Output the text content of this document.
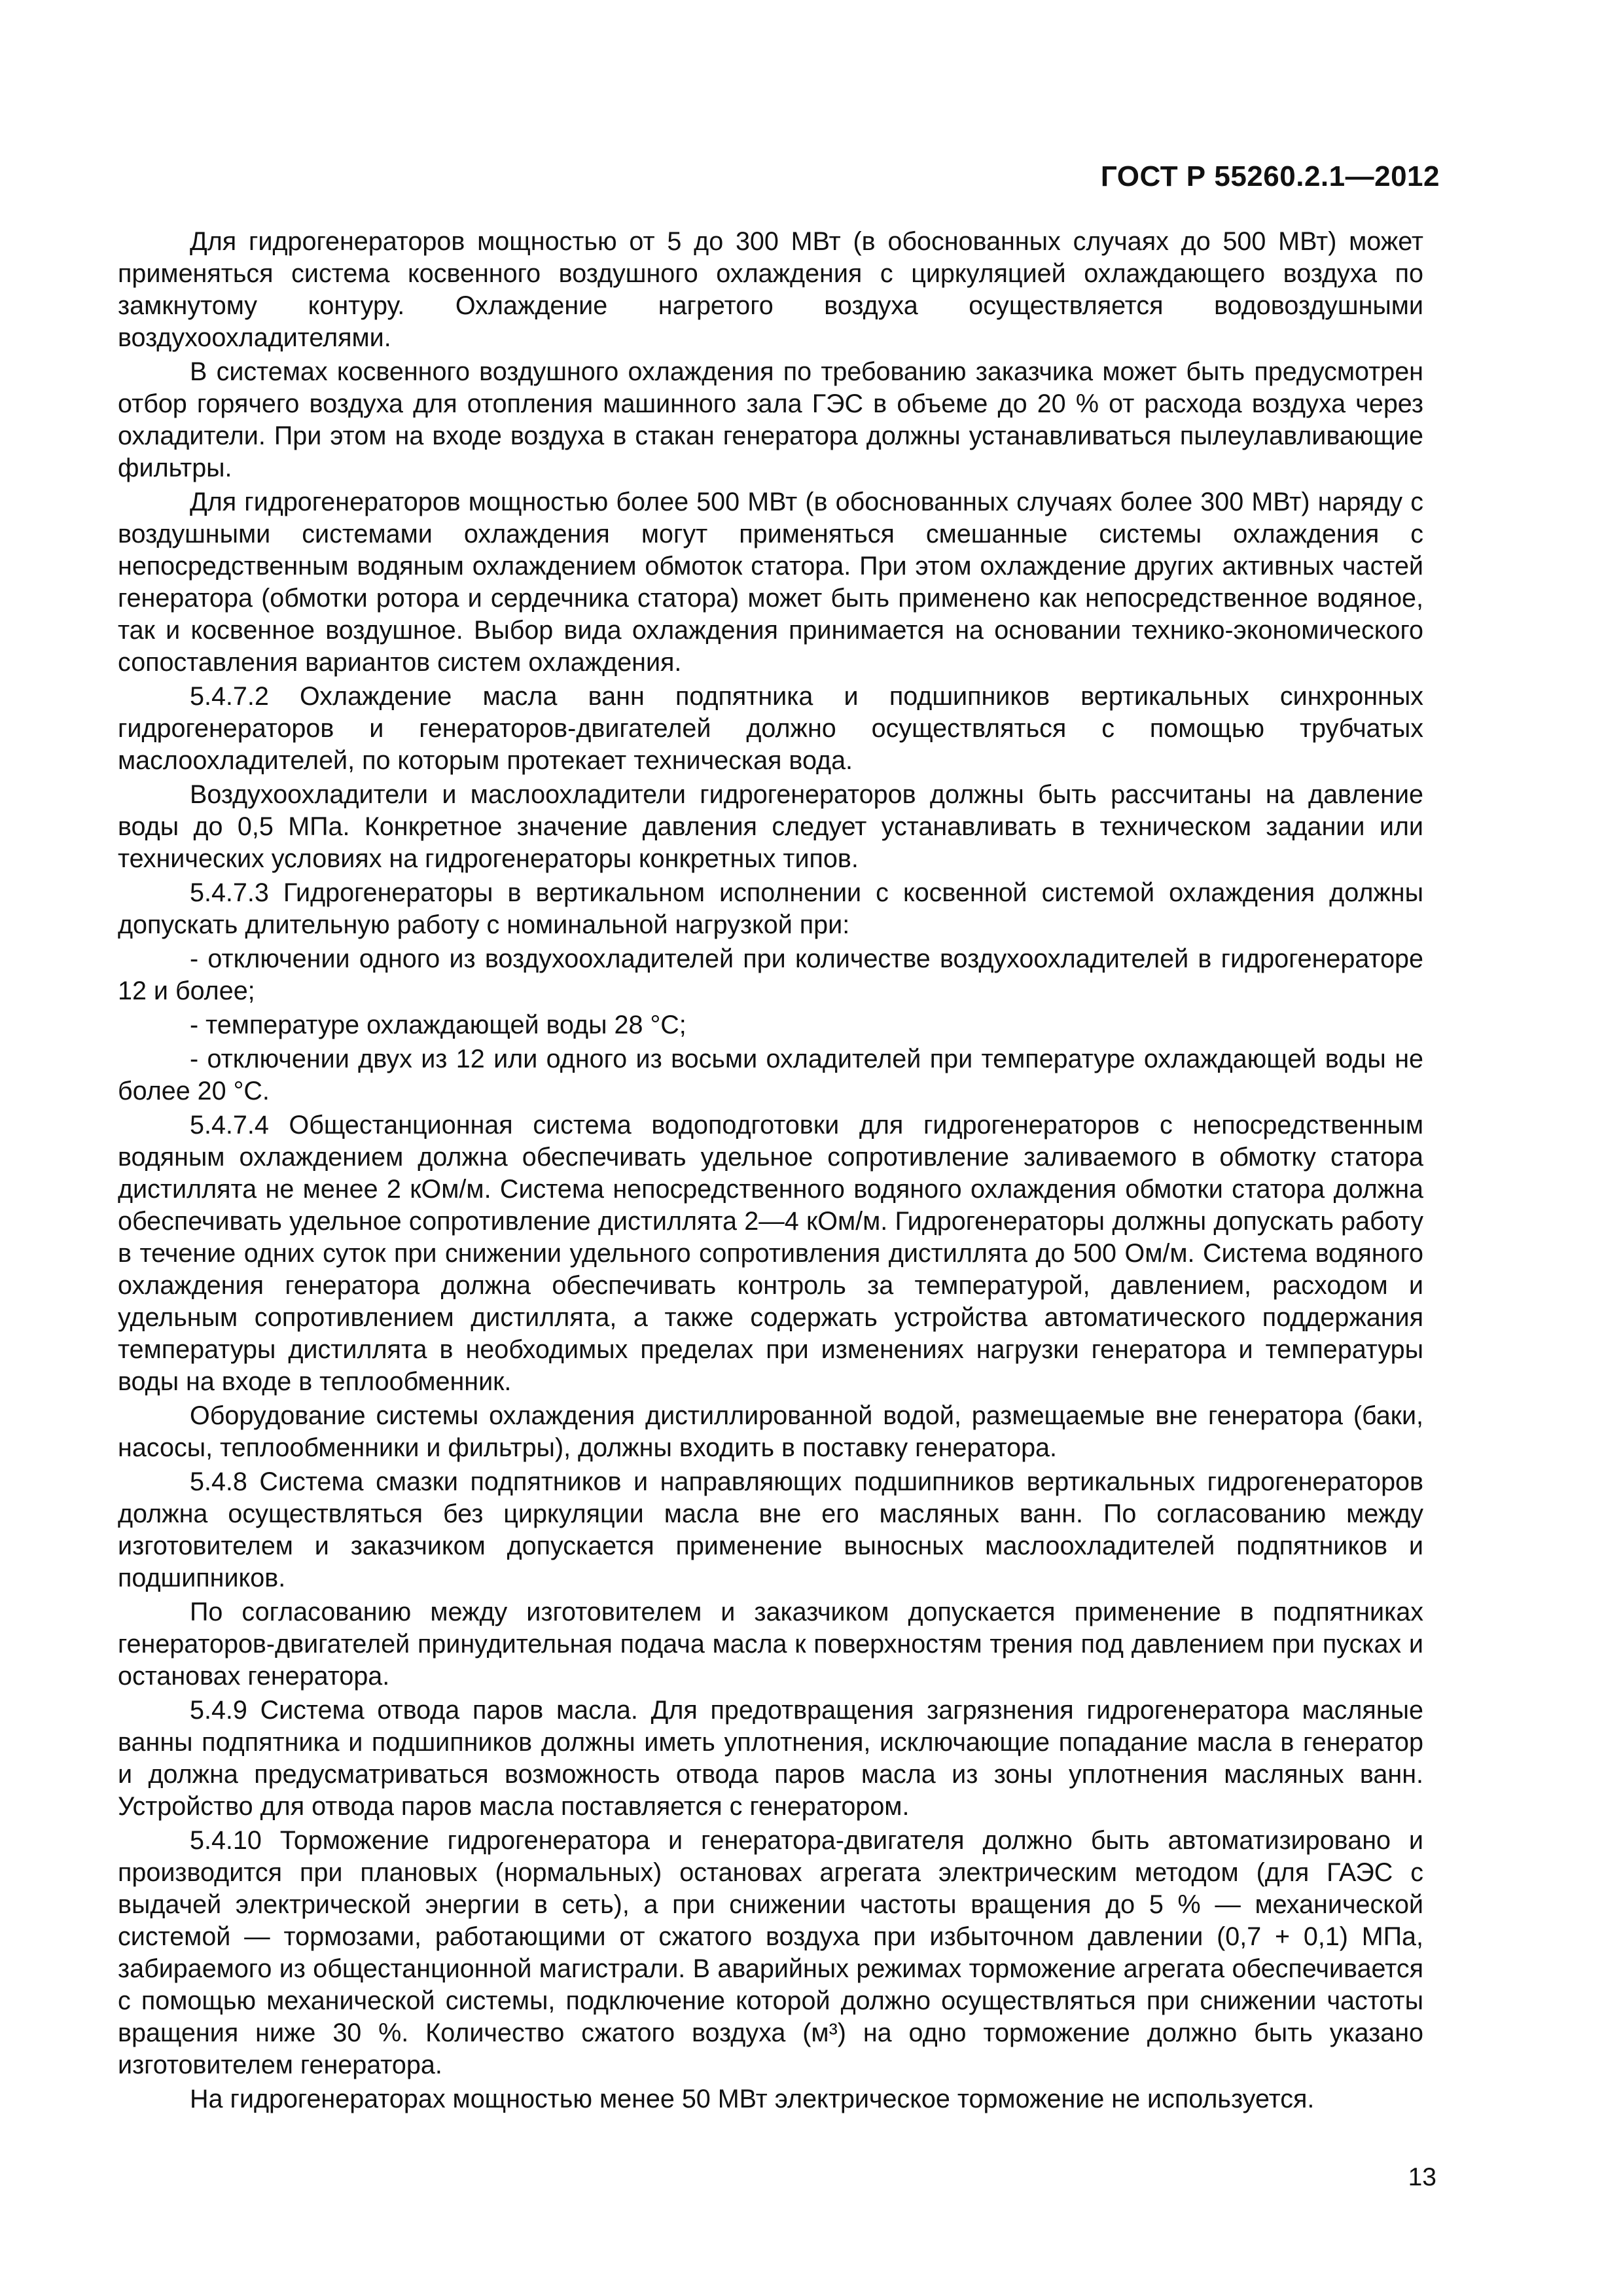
ГОСТ Р 55260.2.1—2012

Для гидрогенераторов мощностью от 5 до 300 МВт (в обоснованных случаях до 500 МВт) может применяться система косвенного воздушного охлаждения с циркуляцией охлаждающего воздуха по замкнутому контуру. Охлаждение нагретого воздуха осуществляется водовоздушными воздухоохладителями.

В системах косвенного воздушного охлаждения по требованию заказчика может быть предусмотрен отбор горячего воздуха для отопления машинного зала ГЭС в объеме до 20 % от расхода воздуха через охладители. При этом на входе воздуха в стакан генератора должны устанавливаться пылеулавливающие фильтры.

Для гидрогенераторов мощностью более 500 МВт (в обоснованных случаях более 300 МВт) наряду с воздушными системами охлаждения могут применяться смешанные системы охлаждения с непосредственным водяным охлаждением обмоток статора. При этом охлаждение других активных частей генератора (обмотки ротора и сердечника статора) может быть применено как непосредственное водяное, так и косвенное воздушное. Выбор вида охлаждения принимается на основании технико-экономического сопоставления вариантов систем охлаждения.

5.4.7.2 Охлаждение масла ванн подпятника и подшипников вертикальных синхронных гидрогенераторов и генераторов-двигателей должно осуществляться с помощью трубчатых маслоохладителей, по которым протекает техническая вода.

Воздухоохладители и маслоохладители гидрогенераторов должны быть рассчитаны на давление воды до 0,5 МПа. Конкретное значение давления следует устанавливать в техническом задании или технических условиях на гидрогенераторы конкретных типов.

5.4.7.3 Гидрогенераторы в вертикальном исполнении с косвенной системой охлаждения должны допускать длительную работу с номинальной нагрузкой при:

- отключении одного из воздухоохладителей при количестве воздухоохладителей в гидрогенераторе 12 и более;

- температуре охлаждающей воды 28 °С;

- отключении двух из 12 или одного из восьми охладителей при температуре охлаждающей воды не более 20 °С.

5.4.7.4 Общестанционная система водоподготовки для гидрогенераторов с непосредственным водяным охлаждением должна обеспечивать удельное сопротивление заливаемого в обмотку статора дистиллята не менее 2 кОм/м. Система непосредственного водяного охлаждения обмотки статора должна обеспечивать удельное сопротивление дистиллята 2—4 кОм/м. Гидрогенераторы должны допускать работу в течение одних суток при снижении удельного сопротивления дистиллята до 500 Ом/м. Система водяного охлаждения генератора должна обеспечивать контроль за температурой, давлением, расходом и удельным сопротивлением дистиллята, а также содержать устройства автоматического поддержания температуры дистиллята в необходимых пределах при изменениях нагрузки генератора и температуры воды на входе в теплообменник.

Оборудование системы охлаждения дистиллированной водой, размещаемые вне генератора (баки, насосы, теплообменники и фильтры), должны входить в поставку генератора.

5.4.8 Система смазки подпятников и направляющих подшипников вертикальных гидрогенераторов должна осуществляться без циркуляции масла вне его масляных ванн. По согласованию между изготовителем и заказчиком допускается применение выносных маслоохладителей подпятников и подшипников.

По согласованию между изготовителем и заказчиком допускается применение в подпятниках генераторов-двигателей принудительная подача масла к поверхностям трения под давлением при пусках и остановах генератора.

5.4.9 Система отвода паров масла. Для предотвращения загрязнения гидрогенератора масляные ванны подпятника и подшипников должны иметь уплотнения, исключающие попадание масла в генератор и должна предусматриваться возможность отвода паров масла из зоны уплотнения масляных ванн. Устройство для отвода паров масла поставляется с генератором.

5.4.10 Торможение гидрогенератора и генератора-двигателя должно быть автоматизировано и производится при плановых (нормальных) остановах агрегата электрическим методом (для ГАЭС с выдачей электрической энергии в сеть), а при снижении частоты вращения до 5 % — механической системой — тормозами, работающими от сжатого воздуха при избыточном давлении (0,7 + 0,1) МПа, забираемого из общестанционной магистрали. В аварийных режимах торможение агрегата обеспечивается с помощью механической системы, подключение которой должно осуществляться при снижении частоты вращения ниже 30 %. Количество сжатого воздуха (м³) на одно торможение должно быть указано изготовителем генератора.

На гидрогенераторах мощностью менее 50 МВт электрическое торможение не используется.

13
